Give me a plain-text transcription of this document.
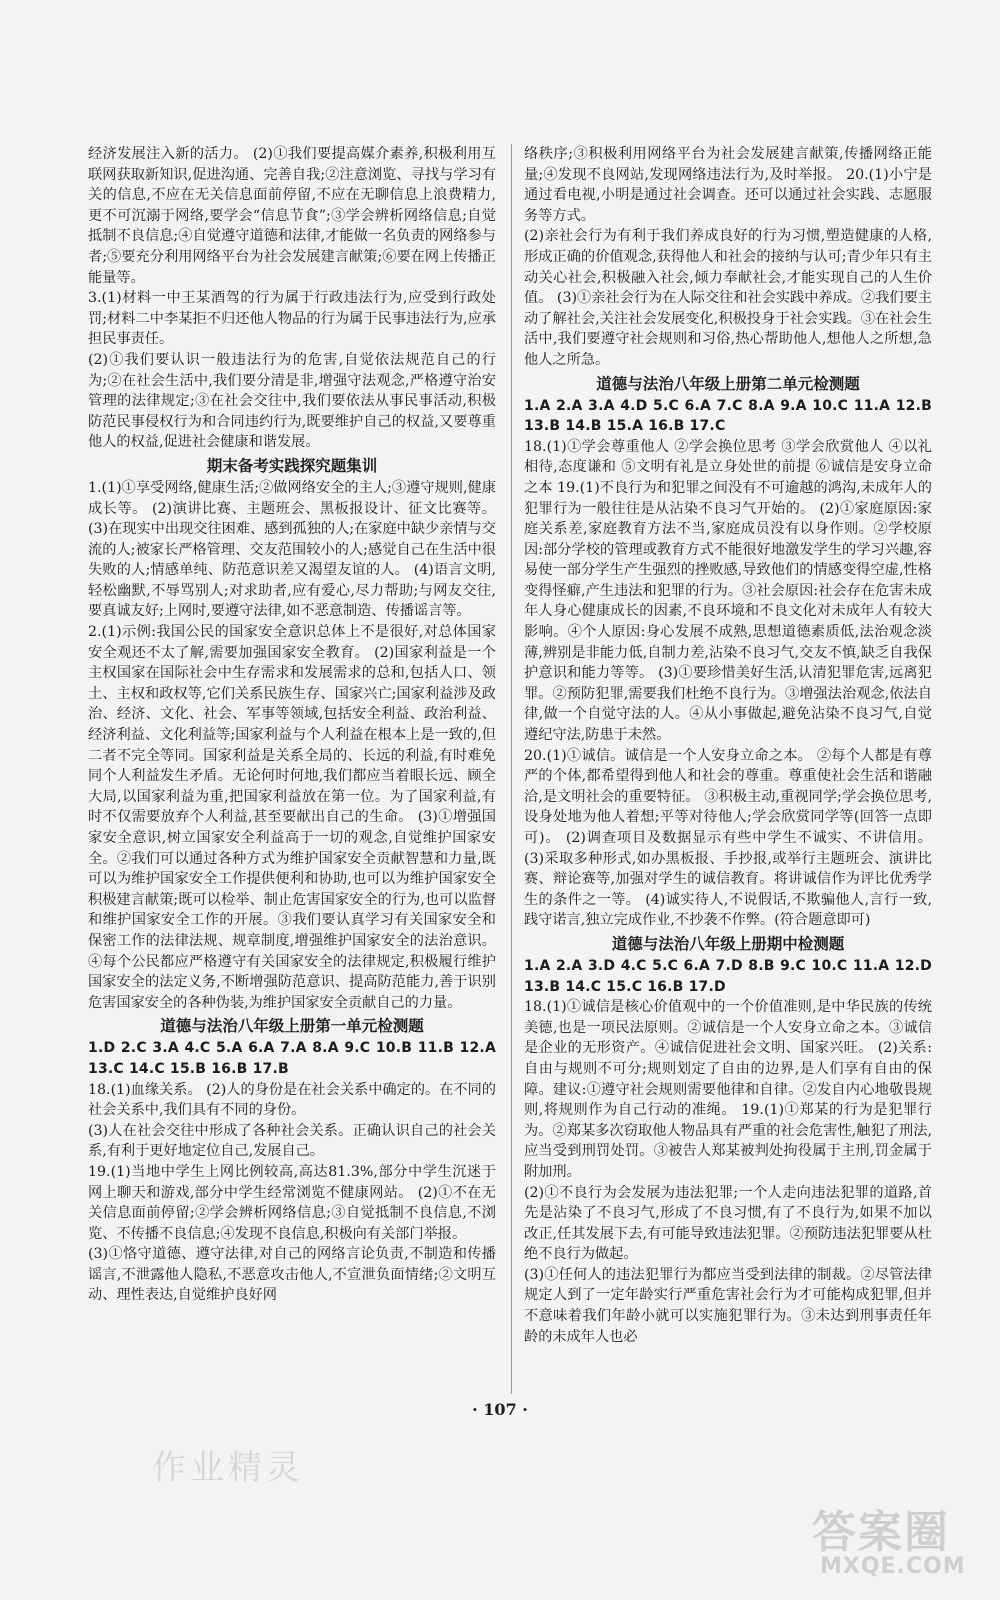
经济发展注入新的活力。 (2)①我们要提高媒介素养,积极利用互联网获取新知识,促进沟通、完善自我;②注意浏览、寻找与学习有关的信息,不应在无关信息面前停留,不应在无聊信息上浪费精力,更不可沉溺于网络,要学会“信息节食”;③学会辨析网络信息;自觉抵制不良信息;④自觉遵守道德和法律,才能做一名负责的网络参与者;⑤要充分利用网络平台为社会发展建言献策;⑥要在网上传播正能量等。

3.(1)材料一中王某酒驾的行为属于行政违法行为,应受到行政处罚;材料二中李某拒不归还他人物品的行为属于民事违法行为,应承担民事责任。

(2)①我们要认识一般违法行为的危害,自觉依法规范自己的行为;②在社会生活中,我们要分清是非,增强守法观念,严格遵守治安管理的法律规定;③在社会交往中,我们要依法从事民事活动,积极防范民事侵权行为和合同违约行为,既要维护自己的权益,又要尊重他人的权益,促进社会健康和谐发展。

期末备考实践探究题集训

1.(1)①享受网络,健康生活;②做网络安全的主人;③遵守规则,健康成长等。 (2)演讲比赛、主题班会、黑板报设计、征文比赛等。 (3)在现实中出现交往困难、感到孤独的人;在家庭中缺少亲情与交流的人;被家长严格管理、交友范围较小的人;感觉自己在生活中很失败的人;情感单纯、防范意识差又渴望友谊的人。 (4)语言文明,轻松幽默,不辱骂别人;对求助者,应有爱心,尽力帮助;与网友交往,要真诚友好;上网时,要遵守法律,如不恶意制造、传播谣言等。

2.(1)示例:我国公民的国家安全意识总体上不是很好,对总体国家安全观还不太了解,需要加强国家安全教育。 (2)国家利益是一个主权国家在国际社会中生存需求和发展需求的总和,包括人口、领土、主权和政权等,它们关系民族生存、国家兴亡;国家利益涉及政治、经济、文化、社会、军事等领域,包括安全利益、政治利益、经济利益、文化利益等;国家利益与个人利益在根本上是一致的,但二者不完全等同。国家利益是关系全局的、长远的利益,有时难免同个人利益发生矛盾。无论何时何地,我们都应当着眼长远、顾全大局,以国家利益为重,把国家利益放在第一位。为了国家利益,有时不仅需要放弃个人利益,甚至要献出自己的生命。 (3)①增强国家安全意识,树立国家安全利益高于一切的观念,自觉维护国家安全。②我们可以通过各种方式为维护国家安全贡献智慧和力量,既可以为维护国家安全工作提供便利和协助,也可以为维护国家安全积极建言献策;既可以检举、制止危害国家安全的行为,也可以监督和维护国家安全工作的开展。③我们要认真学习有关国家安全和保密工作的法律法规、规章制度,增强维护国家安全的法治意识。④每个公民都应严格遵守有关国家安全的法律规定,积极履行维护国家安全的法定义务,不断增强防范意识、提高防范能力,善于识别危害国家安全的各种伪装,为维护国家安全贡献自己的力量。

道德与法治八年级上册第一单元检测题

1.D 2.C 3.A 4.C 5.A 6.A 7.A 8.A 9.C 10.B 11.B 12.A 13.C 14.C 15.B 16.B 17.B

18.(1)血缘关系。 (2)人的身份是在社会关系中确定的。在不同的社会关系中,我们具有不同的身份。

(3)人在社会交往中形成了各种社会关系。正确认识自己的社会关系,有利于更好地定位自己,发展自己。

19.(1)当地中学生上网比例较高,高达81.3%,部分中学生沉迷于网上聊天和游戏,部分中学生经常浏览不健康网站。 (2)①不在无关信息面前停留;②学会辨析网络信息;③自觉抵制不良信息,不浏览、不传播不良信息;④发现不良信息,积极向有关部门举报。

(3)①恪守道德、遵守法律,对自己的网络言论负责,不制造和传播谣言,不泄露他人隐私,不恶意攻击他人,不宣泄负面情绪;②文明互动、理性表达,自觉维护良好网

络秩序;③积极利用网络平台为社会发展建言献策,传播网络正能量;④发现不良网站,发现网络违法行为,及时举报。 20.(1)小宁是通过看电视,小明是通过社会调查。还可以通过社会实践、志愿服务等方式。

(2)亲社会行为有利于我们养成良好的行为习惯,塑造健康的人格,形成正确的价值观念,获得他人和社会的接纳与认可;青少年只有主动关心社会,积极融入社会,倾力奉献社会,才能实现自己的人生价值。 (3)①亲社会行为在人际交往和社会实践中养成。②我们要主动了解社会,关注社会发展变化,积极投身于社会实践。③在社会生活中,我们要遵守社会规则和习俗,热心帮助他人,想他人之所想,急他人之所急。

道德与法治八年级上册第二单元检测题

1.A 2.A 3.A 4.D 5.C 6.A 7.C 8.A 9.A 10.C 11.A 12.B 13.B 14.B 15.A 16.B 17.C

18.(1)①学会尊重他人 ②学会换位思考 ③学会欣赏他人 ④以礼相待,态度谦和 ⑤文明有礼是立身处世的前提 ⑥诚信是安身立命之本 19.(1)不良行为和犯罪之间没有不可逾越的鸿沟,未成年人的犯罪行为一般往往是从沾染不良习气开始的。 (2)①家庭原因:家庭关系差,家庭教育方法不当,家庭成员没有以身作则。②学校原因:部分学校的管理或教育方式不能很好地激发学生的学习兴趣,容易使一部分学生产生强烈的挫败感,导致他们的情感变得空虚,性格变得怪癖,产生违法和犯罪的行为。③社会原因:社会存在危害未成年人身心健康成长的因素,不良环境和不良文化对未成年人有较大影响。④个人原因:身心发展不成熟,思想道德素质低,法治观念淡薄,辨别是非能力低,自制力差,沾染不良习气,交友不慎,缺乏自我保护意识和能力等等。 (3)①要珍惜美好生活,认清犯罪危害,远离犯罪。②预防犯罪,需要我们杜绝不良行为。③增强法治观念,依法自律,做一个自觉守法的人。④从小事做起,避免沾染不良习气,自觉遵纪守法,防患于未然。

20.(1)①诚信。诚信是一个人安身立命之本。 ②每个人都是有尊严的个体,都希望得到他人和社会的尊重。尊重使社会生活和谐融洽,是文明社会的重要特征。 ③积极主动,重视同学;学会换位思考,设身处地为他人着想;平等对待他人;学会欣赏同学等(回答一点即可)。 (2)调查项目及数据显示有些中学生不诚实、不讲信用。 (3)采取多种形式,如办黑板报、手抄报,或举行主题班会、演讲比赛、辩论赛等,加强对学生的诚信教育。将讲诚信作为评比优秀学生的条件之一等。 (4)诚实待人,不说假话,不欺骗他人,言行一致,践守诺言,独立完成作业,不抄袭不作弊。(符合题意即可)

道德与法治八年级上册期中检测题

1.A 2.A 3.D 4.C 5.C 6.A 7.D 8.B 9.C 10.C 11.A 12.D 13.B 14.C 15.C 16.B 17.D

18.(1)①诚信是核心价值观中的一个价值准则,是中华民族的传统美德,也是一项民法原则。②诚信是一个人安身立命之本。③诚信是企业的无形资产。④诚信促进社会文明、国家兴旺。 (2)关系:自由与规则不可分;规则划定了自由的边界,是人们享有自由的保障。建议:①遵守社会规则需要他律和自律。②发自内心地敬畏规则,将规则作为自己行动的准绳。 19.(1)①郑某的行为是犯罪行为。②郑某多次窃取他人物品具有严重的社会危害性,触犯了刑法,应当受到刑罚处罚。③被告人郑某被判处拘役属于主刑,罚金属于附加刑。

(2)①不良行为会发展为违法犯罪;一个人走向违法犯罪的道路,首先是沾染了不良习气,形成了不良习惯,有了不良行为,如果不加以改正,任其发展下去,有可能导致违法犯罪。②预防违法犯罪要从杜绝不良行为做起。

(3)①任何人的违法犯罪行为都应当受到法律的制裁。②尽管法律规定人到了一定年龄实行严重危害社会行为才可能构成犯罪,但并不意味着我们年龄小就可以实施犯罪行为。③未达到刑事责任年龄的未成年人也必

· 107 ·
作业精灵
答案圈
MXQE.COM
